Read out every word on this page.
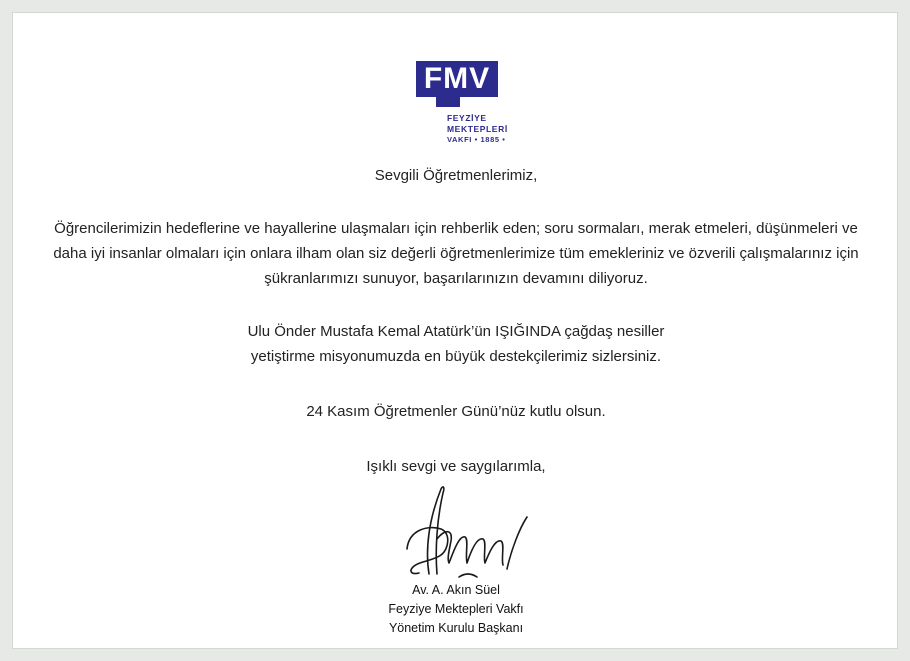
FMV
FEYZİYE
MEKTEPLERİ
VAKFI • 1885 •
Sevgili Öğretmenlerimiz,
Öğrencilerimizin hedeflerine ve hayallerine ulaşmaları için rehberlik eden; soru sormaları, merak etmeleri, düşünmeleri ve daha iyi insanlar olmaları için onlara ilham olan siz değerli öğretmenlerimize tüm emekleriniz ve özverili çalışmalarınız için şükranlarımızı sunuyor, başarılarınızın devamını diliyoruz.
Ulu Önder Mustafa Kemal Atatürk’ün IŞIĞINDA çağdaş nesiller yetiştirme misyonumuzda en büyük destekçilerimiz sizlersiniz.
24 Kasım Öğretmenler Günü’nüz kutlu olsun.
Işıklı sevgi ve saygılarımla,
Av. A. Akın Süel
Feyziye Mektepleri Vakfı
Yönetim Kurulu Başkanı
